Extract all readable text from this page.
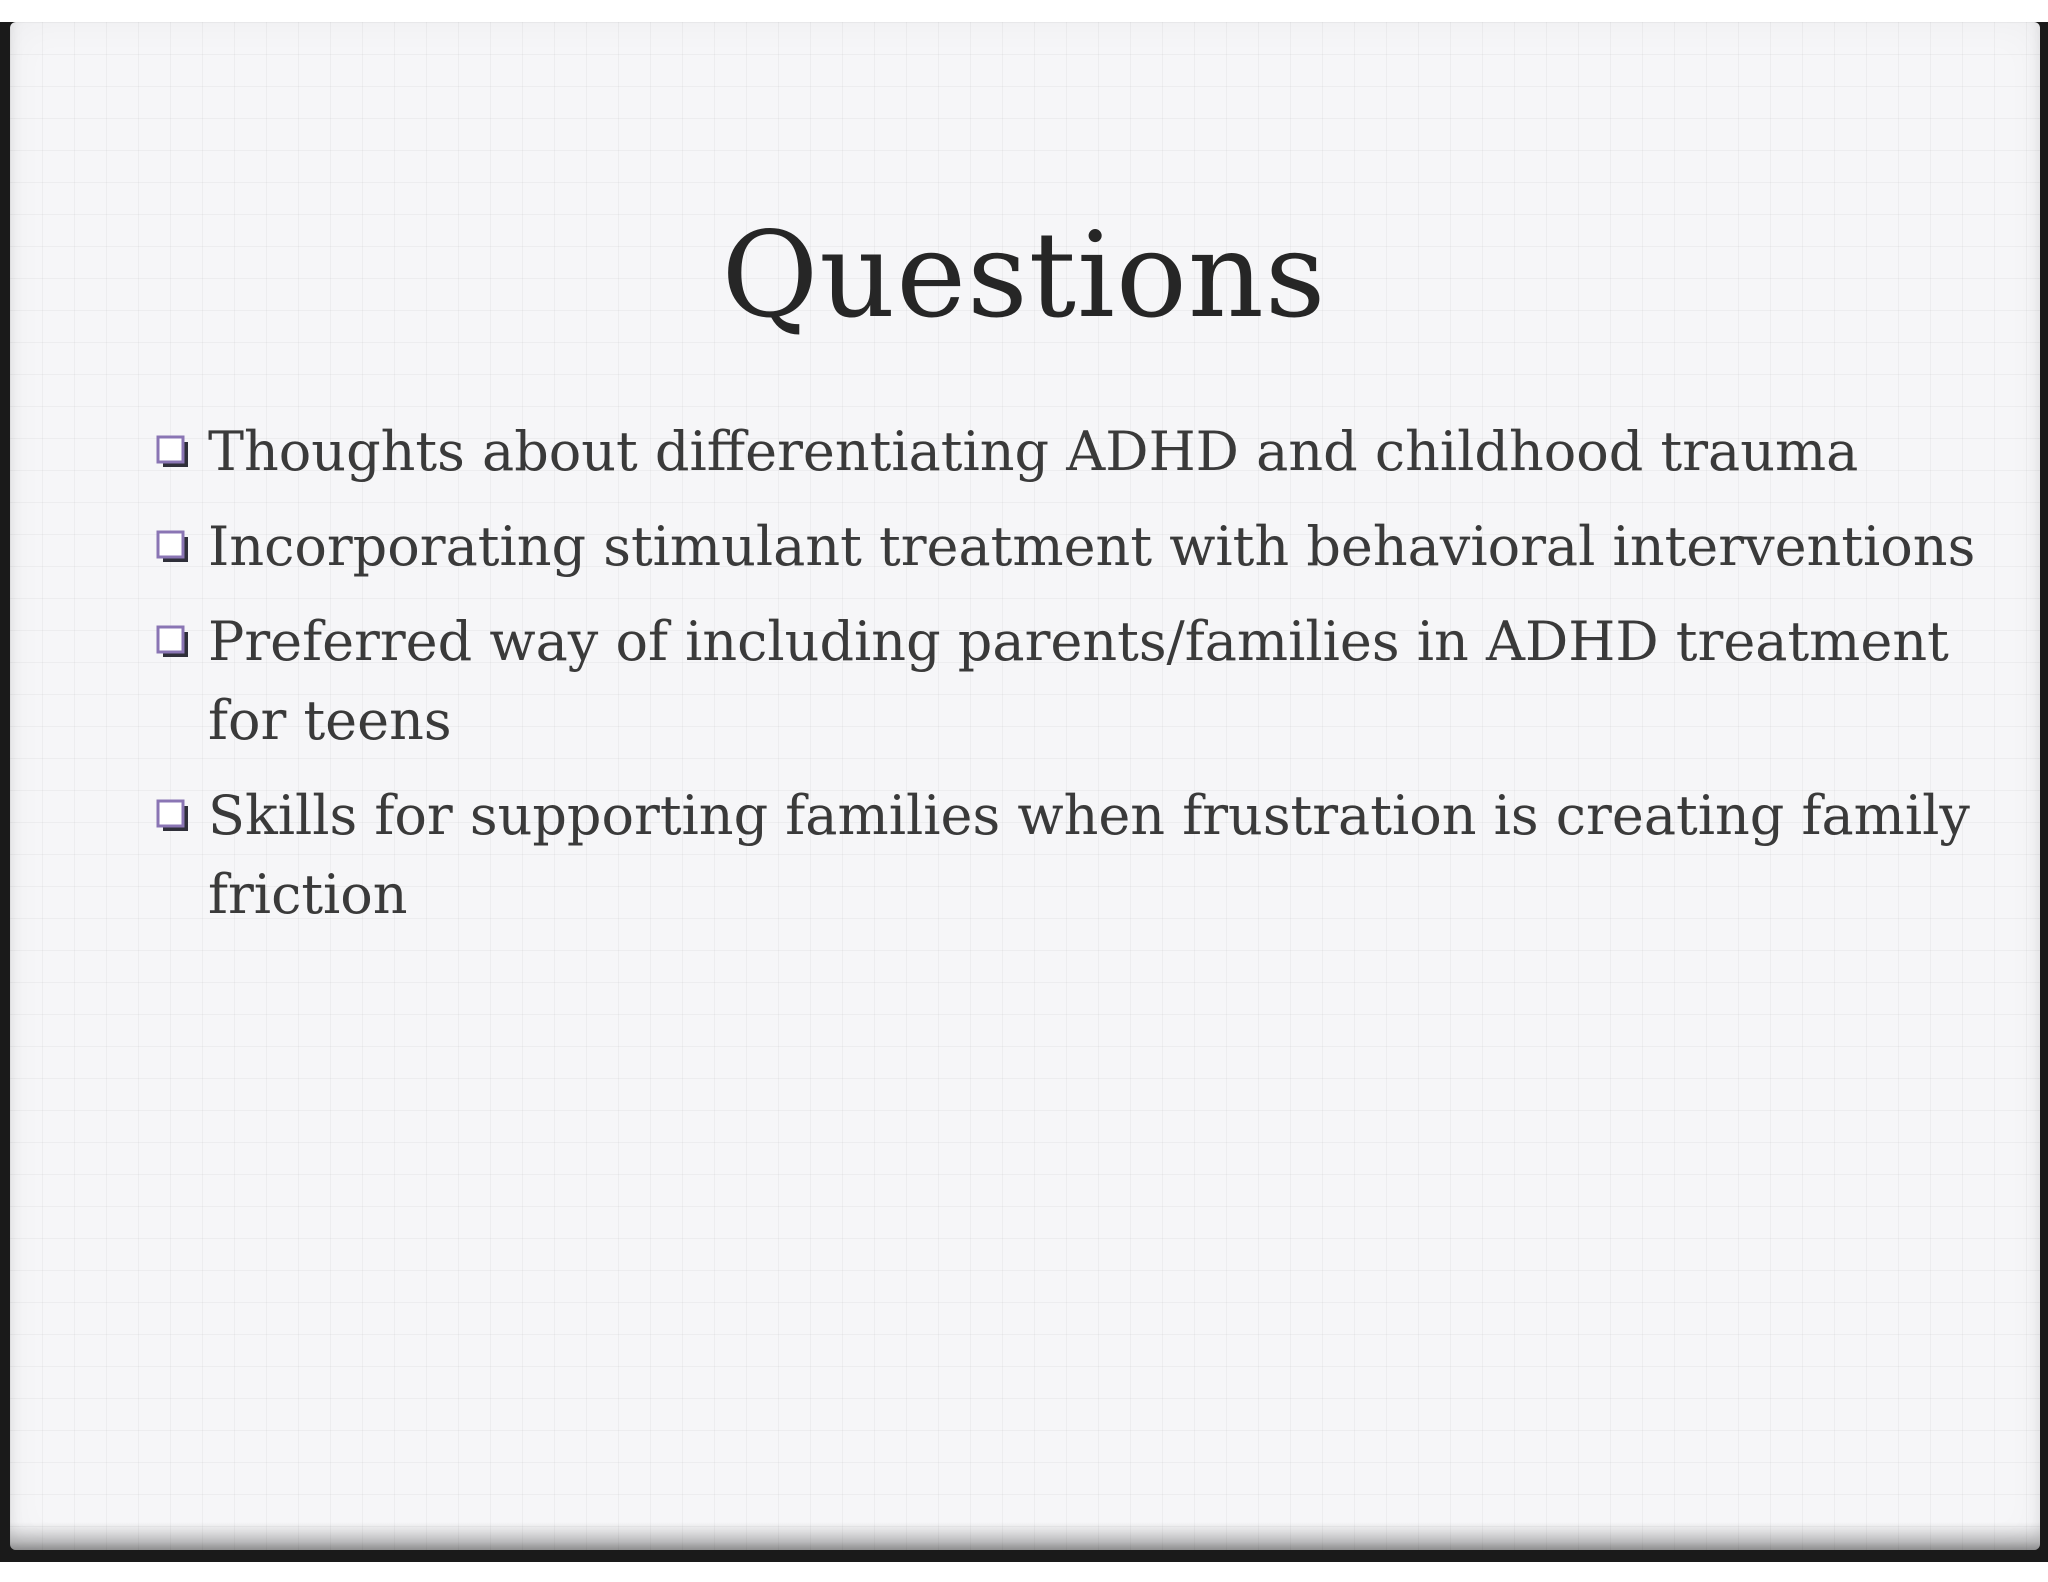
Questions
Thoughts about differentiating ADHD and childhood trauma
Incorporating stimulant treatment with behavioral interventions
Preferred way of including parents/families in ADHD treatment for teens
Skills for supporting families when frustration is creating family friction
